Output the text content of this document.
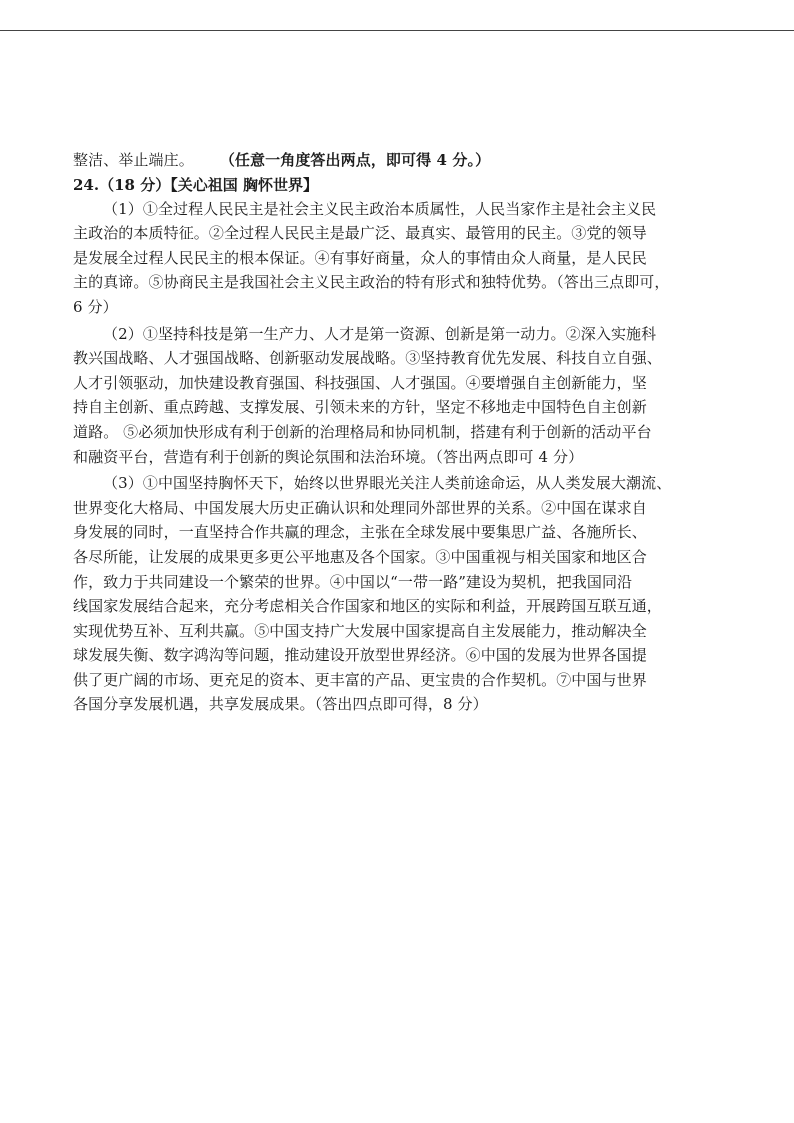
整洁、举止端庄。 （任意一角度答出两点，即可得 4 分。）
24.（18 分）【关心祖国 胸怀世界】
（1）①全过程人民民主是社会主义民主政治本质属性，人民当家作主是社会主义民
主政治的本质特征。②全过程人民民主是最广泛、最真实、最管用的民主。③党的领导
是发展全过程人民民主的根本保证。④有事好商量，众人的事情由众人商量，是人民民
主的真谛。⑤协商民主是我国社会主义民主政治的特有形式和独特优势。（答出三点即可，
6 分）
（2）①坚持科技是第一生产力、人才是第一资源、创新是第一动力。②深入实施科
教兴国战略、人才强国战略、创新驱动发展战略。③坚持教育优先发展、科技自立自强、
人才引领驱动，加快建设教育强国、科技强国、人才强国。④要增强自主创新能力，坚
持自主创新、重点跨越、支撑发展、引领未来的方针，坚定不移地走中国特色自主创新
道路。 ⑤必须加快形成有利于创新的治理格局和协同机制，搭建有利于创新的活动平台
和融资平台，营造有利于创新的舆论氛围和法治环境。（答出两点即可 4 分）
（3）①中国坚持胸怀天下，始终以世界眼光关注人类前途命运，从人类发展大潮流、
世界变化大格局、中国发展大历史正确认识和处理同外部世界的关系。②中国在谋求自
身发展的同时，一直坚持合作共赢的理念，主张在全球发展中要集思广益、各施所长、
各尽所能，让发展的成果更多更公平地惠及各个国家。③中国重视与相关国家和地区合
作，致力于共同建设一个繁荣的世界。④中国以“一带一路”建设为契机，把我国同沿
线国家发展结合起来，充分考虑相关合作国家和地区的实际和利益，开展跨国互联互通，
实现优势互补、互利共赢。⑤中国支持广大发展中国家提高自主发展能力，推动解决全
球发展失衡、数字鸿沟等问题，推动建设开放型世界经济。⑥中国的发展为世界各国提
供了更广阔的市场、更充足的资本、更丰富的产品、更宝贵的合作契机。⑦中国与世界
各国分享发展机遇，共享发展成果。（答出四点即可得，8 分）
